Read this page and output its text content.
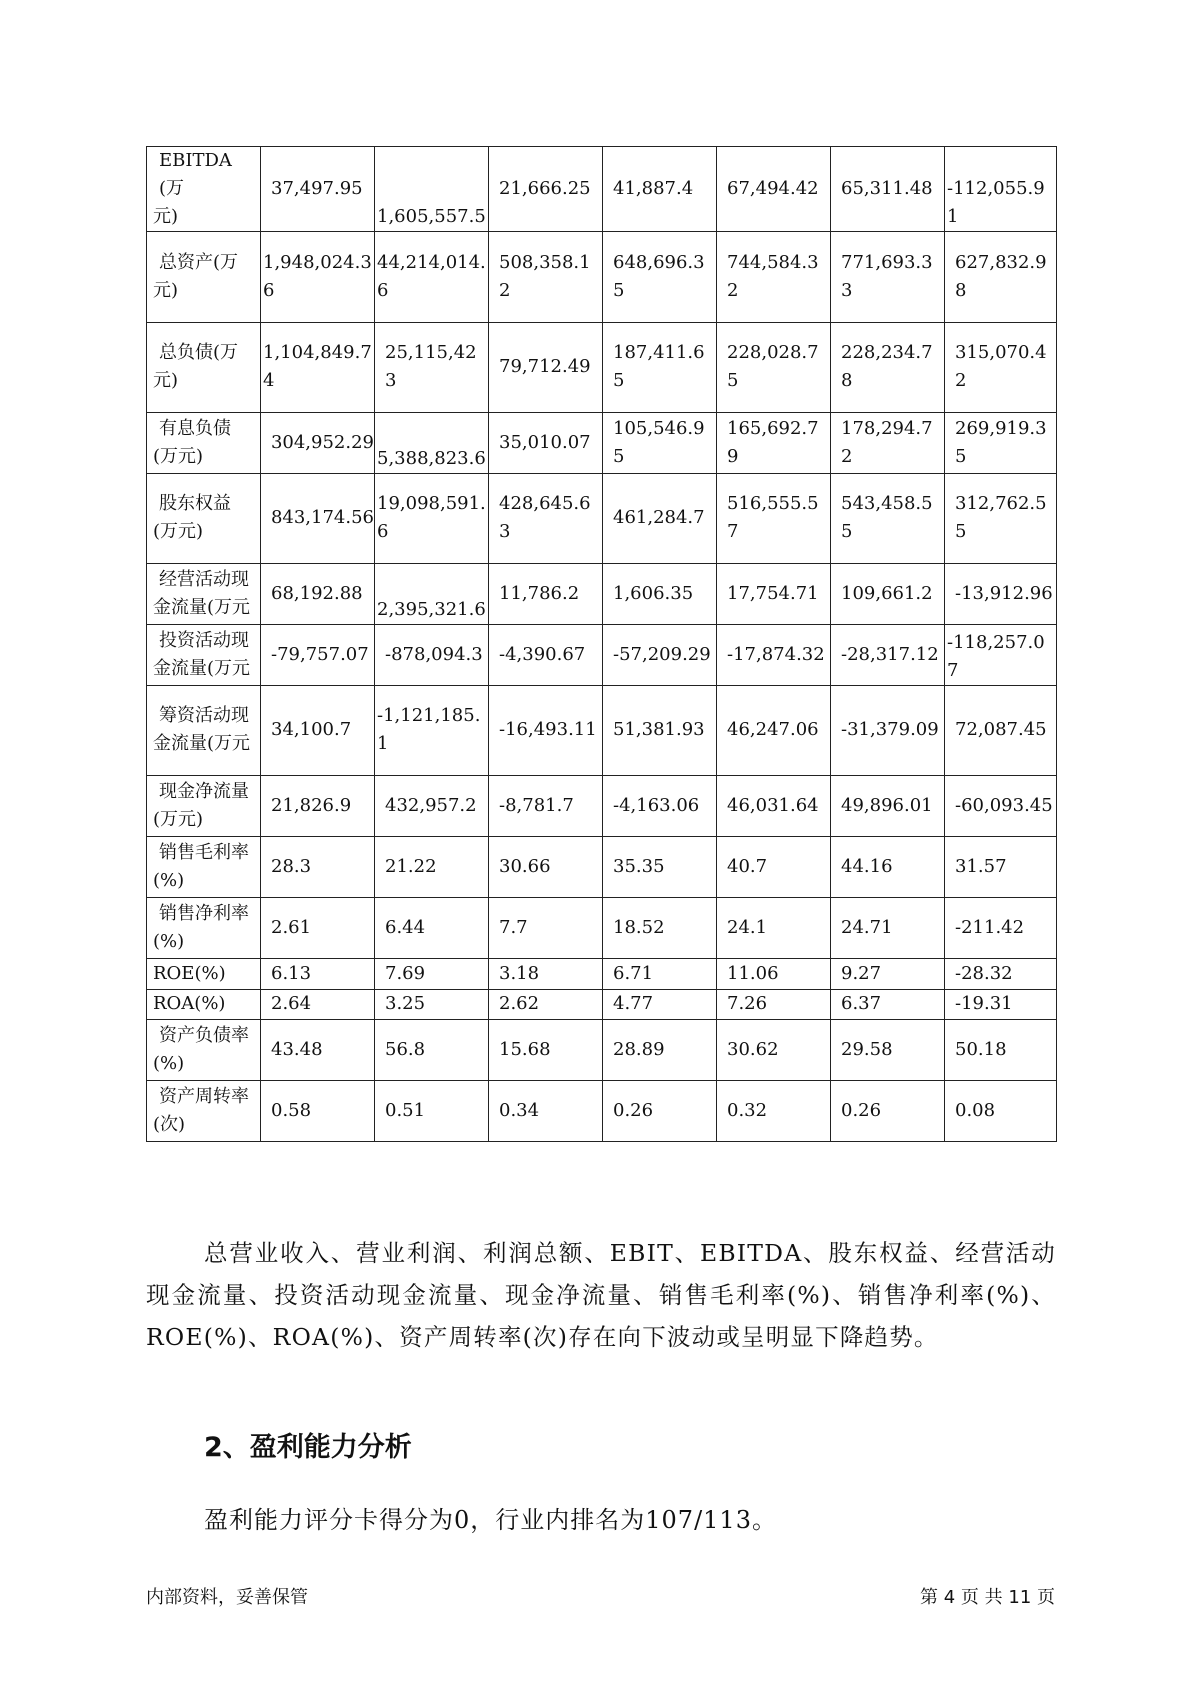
EBITDA(万
元)	37,497.95	1,605,557.5	21,666.25	41,887.4	67,494.42	65,311.48	-112,055.91

总资产(万
元)	1,948,024.36	44,214,014.6	508,358.12	648,696.35	744,584.32	771,693.33	627,832.98

总负债(万
元)	1,104,849.74	25,115,423	79,712.49	187,411.65	228,028.75	228,234.78	315,070.42

有息负债
(万元)	304,952.29	5,388,823.6	35,010.07	105,546.95	165,692.79	178,294.72	269,919.35

股东权益
(万元)	843,174.56	19,098,591.6	428,645.63	461,284.7	516,555.57	543,458.55	312,762.55

经营活动现
金流量(万元	68,192.88	2,395,321.6	11,786.2	1,606.35	17,754.71	109,661.2	-13,912.96

投资活动现
金流量(万元	-79,757.07	-878,094.3	-4,390.67	-57,209.29	-17,874.32	-28,317.12	-118,257.07

筹资活动现
金流量(万元	34,100.7	-1,121,185.1	-16,493.11	51,381.93	46,247.06	-31,379.09	72,087.45

现金净流量
(万元)	21,826.9	432,957.2	-8,781.7	-4,163.06	46,031.64	49,896.01	-60,093.45

销售毛利率
(%)	28.3	21.22	30.66	35.35	40.7	44.16	31.57

销售净利率
(%)	2.61	6.44	7.7	18.52	24.1	24.71	-211.42

ROE(%)	6.13	7.69	3.18	6.71	11.06	9.27	-28.32

ROA(%)	2.64	3.25	2.62	4.77	7.26	6.37	-19.31

资产负债率
(%)	43.48	56.8	15.68	28.89	30.62	29.58	50.18

资产周转率
(次)	0.58	0.51	0.34	0.26	0.32	0.26	0.08
总营业收入、营业利润、利润总额、EBIT、EBITDA、股东权益、经营活动现金流量、投资活动现金流量、现金净流量、销售毛利率(%)、销售净利率(%)、ROE(%)、ROA(%)、资产周转率(次)存在向下波动或呈明显下降趋势。
2、盈利能力分析
盈利能力评分卡得分为0，行业内排名为107/113。
内部资料，妥善保管	第 4 页 共 11 页
